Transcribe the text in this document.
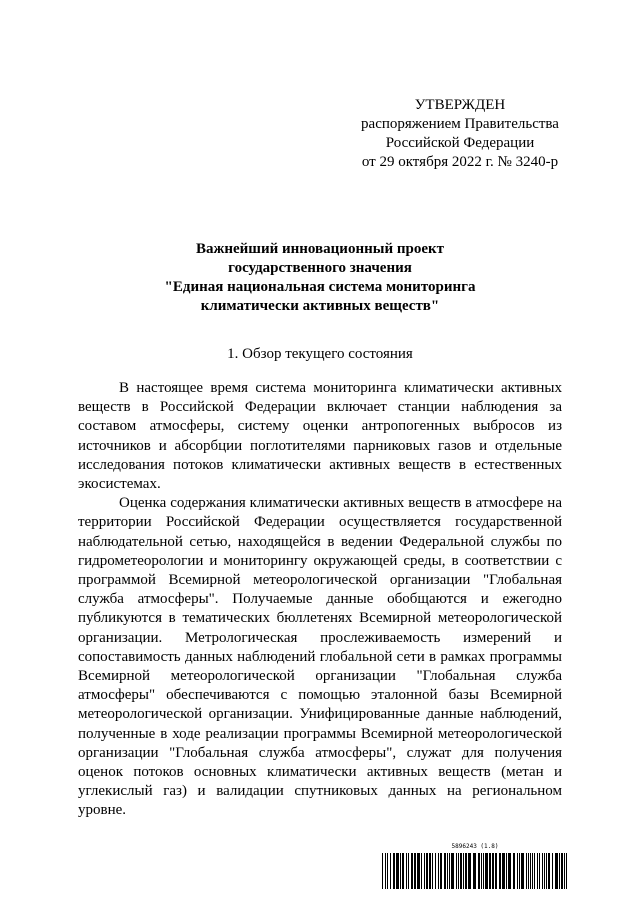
УТВЕРЖДЕН
распоряжением Правительства
Российской Федерации
от 29 октября 2022 г. № 3240-р
Важнейший инновационный проект
государственного значения
"Единая национальная система мониторинга
климатически активных веществ"
1. Обзор текущего состояния

В настоящее время система мониторинга климатически активных веществ в Российской Федерации включает станции наблюдения за составом атмосферы, систему оценки антропогенных выбросов из источников и абсорбции поглотителями парниковых газов и отдельные исследования потоков климатически активных веществ в естественных экосистемах.

Оценка содержания климатически активных веществ в атмосфере на территории Российской Федерации осуществляется государственной наблюдательной сетью, находящейся в ведении Федеральной службы по гидрометеорологии и мониторингу окружающей среды, в соответствии с программой Всемирной метеорологической организации "Глобальная служба атмосферы". Получаемые данные обобщаются и ежегодно публикуются в тематических бюллетенях Всемирной метеорологической организации. Метрологическая прослеживаемость измерений и сопоставимость данных наблюдений глобальной сети в рамках программы Всемирной метеорологической организации "Глобальная служба атмосферы" обеспечиваются с помощью эталонной базы Всемирной метеорологической организации. Унифицированные данные наблюдений, полученные в ходе реализации программы Всемирной метеорологической организации "Глобальная служба атмосферы", служат для получения оценок потоков основных климатически активных веществ (метан и углекислый газ) и валидации спутниковых данных на региональном уровне.

5896243 (1.8)
